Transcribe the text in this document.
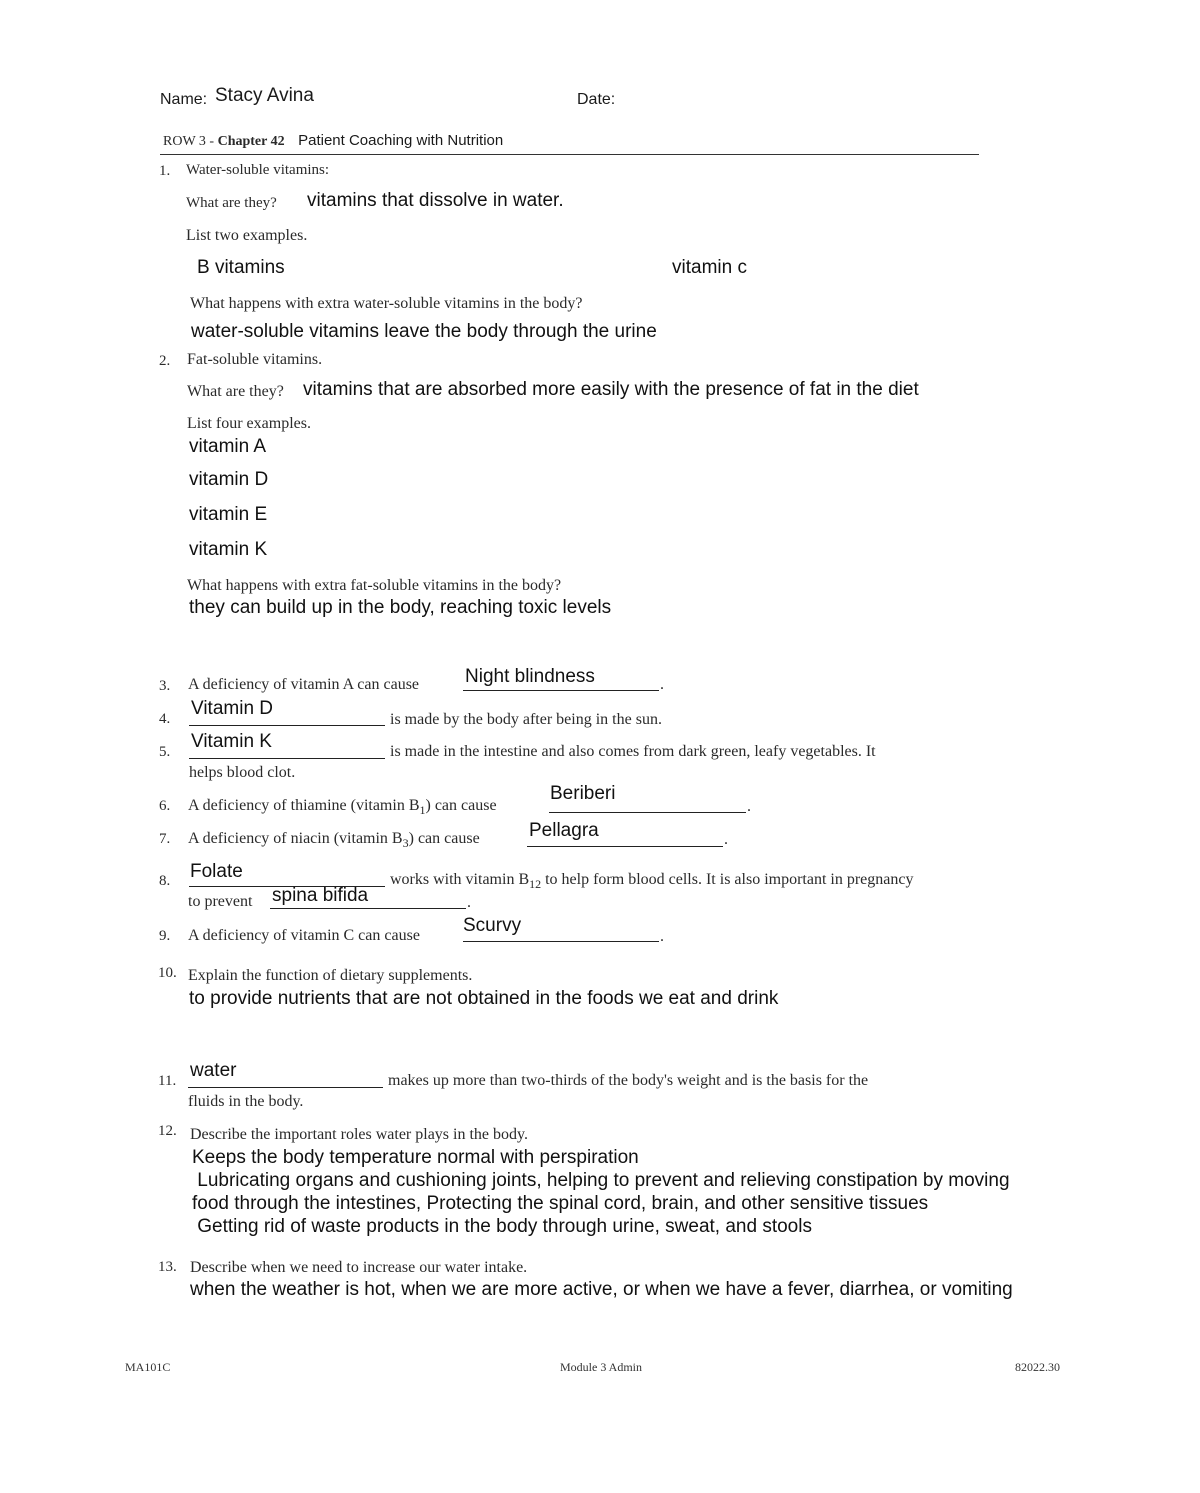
Name: Stacy Avina	Date:
ROW 3 - Chapter 42 Patient Coaching with Nutrition
1. Water-soluble vitamins:
What are they? vitamins that dissolve in water.
List two examples.
B vitamins	vitamin c
What happens with extra water-soluble vitamins in the body?
water-soluble vitamins leave the body through the urine
2. Fat-soluble vitamins.
What are they? vitamins that are absorbed more easily with the presence of fat in the diet
List four examples.
vitamin A
vitamin D
vitamin E
vitamin K
What happens with extra fat-soluble vitamins in the body?
they can build up in the body, reaching toxic levels
3. A deficiency of vitamin A can cause Night blindness	.
4. Vitamin D
is made by the body after being in the sun.
5. Vitamin K	is made in the intestine and also comes from dark green, leafy vegetables. It
helps blood clot.
6. A deficiency of thiamine (vitamin $B_1$) can cause
Beriberi
.
7. A deficiency of niacin (vitamin $B_3$) can cause	Pellagra	.
8. Folate	works with vitamin $B_{12}$ to help form blood cells. It is also important in pregnancy
to prevent spina bifida	.
9. A deficiency of vitamin C can cause Scurvy
.
10. Explain the function of dietary supplements.
to provide nutrients that are not obtained in the foods we eat and drink
11. water	makes up more than two-thirds of the body's weight and is the basis for the
fluids in the body.
12. Describe the important roles water plays in the body.
Keeps the body temperature normal with perspiration
Lubricating organs and cushioning joints, helping to prevent and relieving constipation by moving
food through the intestines, Protecting the spinal cord, brain, and other sensitive tissues
Getting rid of waste products in the body through urine, sweat, and stools
13. Describe when we need to increase our water intake.
when the weather is hot, when we are more active, or when we have a fever, diarrhea, or vomiting
MA101C	Module 3 Admin	82022.30
